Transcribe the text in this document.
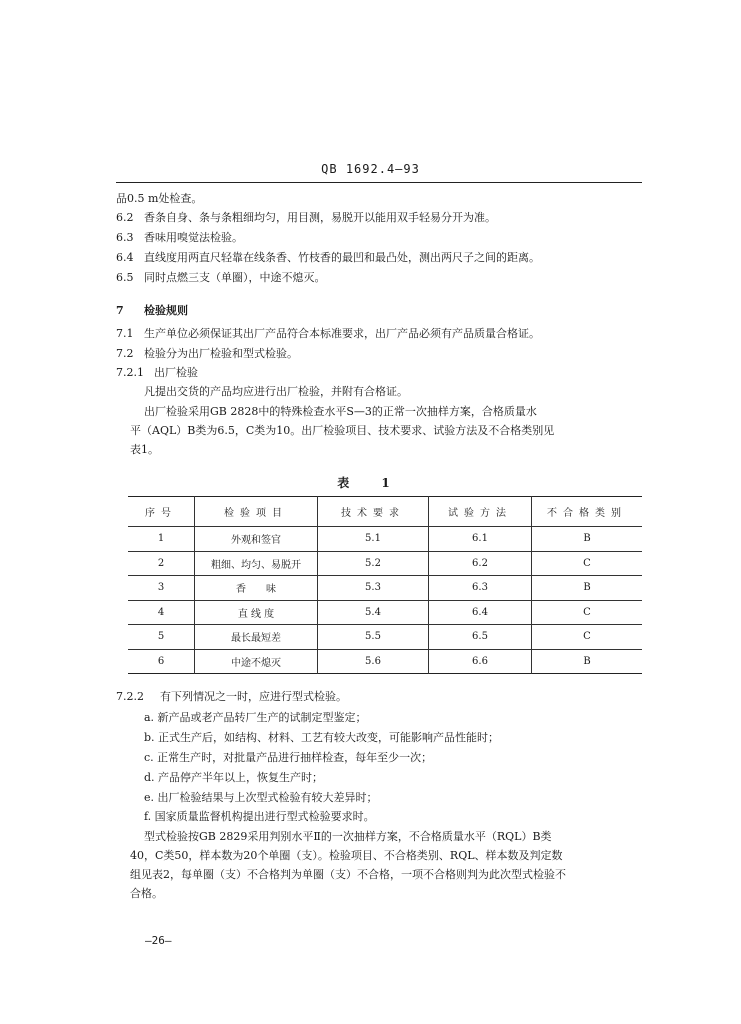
QB 1692.4—93
品0.5 m处检查。
6.2 香条自身、条与条粗细均匀，用目测，易脱开以能用双手轻易分开为准。
6.3 香味用嗅觉法检验。
6.4 直线度用两直尺轻靠在线条香、竹枝香的最凹和最凸处，测出两尺子之间的距离。
6.5 同时点燃三支（单圈），中途不熄灭。
7 检验规则
7.1 生产单位必须保证其出厂产品符合本标准要求，出厂产品必须有产品质量合格证。
7.2 检验分为出厂检验和型式检验。
7.2.1 出厂检验
凡提出交货的产品均应进行出厂检验，并附有合格证。
出厂检验采用GB 2828中的特殊检查水平S—3的正常一次抽样方案，合格质量水
平（AQL）B类为6.5，C类为10。出厂检验项目、技术要求、试验方法及不合格类别见
表1。
表 1
序号	检验项目	技术要求	试验方法	不合格类别
1	外观和签官	5.1	6.1	B
2	粗细、均匀、易脱开	5.2	6.2	C
3	香　　味	5.3	6.3	B
4	直 线 度	5.4	6.4	C
5	最长最短差	5.5	6.5	C
6	中途不熄灭	5.6	6.6	B
7.2.2 有下列情况之一时，应进行型式检验。
a. 新产品或老产品转厂生产的试制定型鉴定；
b. 正式生产后，如结构、材料、工艺有较大改变，可能影响产品性能时；
c. 正常生产时，对批量产品进行抽样检查，每年至少一次；
d. 产品停产半年以上，恢复生产时；
e. 出厂检验结果与上次型式检验有较大差异时；
f. 国家质量监督机构提出进行型式检验要求时。
型式检验按GB 2829采用判别水平Ⅱ的一次抽样方案，不合格质量水平（RQL）B类
40，C类50，样本数为20个单圈（支）。检验项目、不合格类别、RQL、样本数及判定数
组见表2，每单圈（支）不合格判为单圈（支）不合格，一项不合格则判为此次型式检验不
合格。
—26—
